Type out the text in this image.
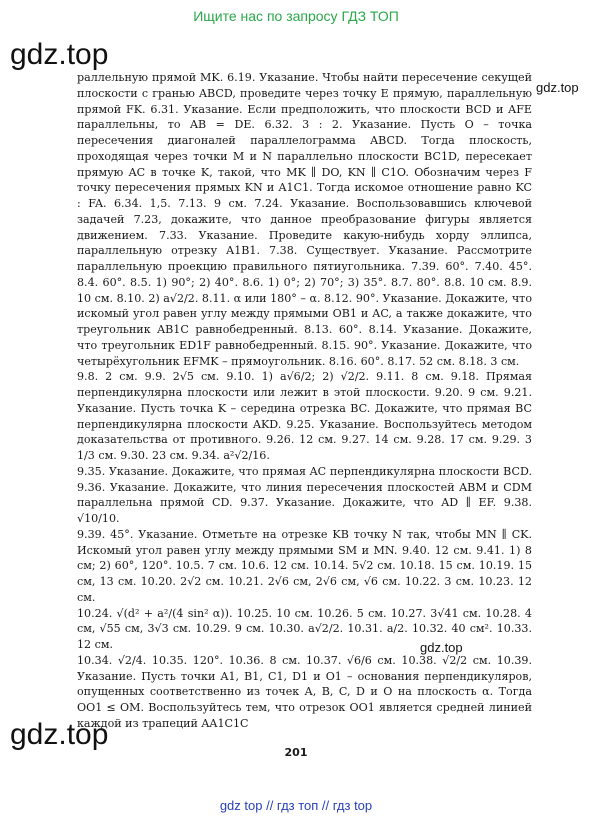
Ищите нас по запросу ГДЗ ТОП
gdz.top
gdz.top
gdz.top
gdz.top

раллельную прямой MK. 6.19. Указание. Чтобы найти пересечение секущей плоскости с гранью ABCD, проведите через точку E прямую, параллельную прямой FK. 6.31. Указание. Если предположить, что плоскости BCD и AFE параллельны, то AB = DE. 6.32. 3 : 2. Указание. Пусть O – точка пересечения диагоналей параллелограмма ABCD. Тогда плоскость, проходящая через точки M и N параллельно плоскости BC1D, пересекает прямую AC в точке K, такой, что MK ∥ DO, KN ∥ C1O. Обозначим через F точку пересечения прямых KN и A1C1. Тогда искомое отношение равно KC : FA. 6.34. 1,5. 7.13. 9 см. 7.24. Указание. Воспользовавшись ключевой задачей 7.23, докажите, что данное преобразование фигуры является движением. 7.33. Указание. Проведите какую-нибудь хорду эллипса, параллельную отрезку A1B1. 7.38. Существует. Указание. Рассмотрите параллельную проекцию правильного пятиугольника. 7.39. 60°. 7.40. 45°. 8.4. 60°. 8.5. 1) 90°; 2) 40°. 8.6. 1) 0°; 2) 70°; 3) 35°. 8.7. 80°. 8.8. 10 см. 8.9. 10 см. 8.10. 2) a√2/2. 8.11. α или 180° – α. 8.12. 90°. Указание. Докажите, что искомый угол равен углу между прямыми OB1 и AC, а также докажите, что треугольник AB1C равнобедренный. 8.13. 60°. 8.14. Указание. Докажите, что треугольник ED1F равнобедренный. 8.15. 90°. Указание. Докажите, что четырёхугольник EFMK – прямоугольник. 8.16. 60°. 8.17. 52 см. 8.18. 3 см.

9.8. 2 см. 9.9. 2√5 см. 9.10. 1) a√6/2; 2) √2/2. 9.11. 8 см. 9.18. Прямая перпендикулярна плоскости или лежит в этой плоскости. 9.20. 9 см. 9.21. Указание. Пусть точка K – середина отрезка BC. Докажите, что прямая BC перпендикулярна плоскости AKD. 9.25. Указание. Воспользуйтесь методом доказательства от противного. 9.26. 12 см. 9.27. 14 см. 9.28. 17 см. 9.29. 3 1/3 см. 9.30. 23 см. 9.34. a²√2/16.

9.35. Указание. Докажите, что прямая AC перпендикулярна плоскости BCD. 9.36. Указание. Докажите, что линия пересечения плоскостей ABM и CDM параллельна прямой CD. 9.37. Указание. Докажите, что AD ∥ EF. 9.38. √10/10.

9.39. 45°. Указание. Отметьте на отрезке KB точку N так, чтобы MN ∥ CK. Искомый угол равен углу между прямыми SM и MN. 9.40. 12 см. 9.41. 1) 8 см; 2) 60°, 120°. 10.5. 7 см. 10.6. 12 см. 10.14. 5√2 см. 10.18. 15 см. 10.19. 15 см, 13 см. 10.20. 2√2 см. 10.21. 2√6 см, 2√6 см, √6 см. 10.22. 3 см. 10.23. 12 см.

10.24. √(d² + a²/(4 sin² α)). 10.25. 10 см. 10.26. 5 см. 10.27. 3√41 см. 10.28. 4 см, √55 см, 3√3 см. 10.29. 9 см. 10.30. a√2/2. 10.31. a/2. 10.32. 40 см². 10.33. 12 см.

10.34. √2/4. 10.35. 120°. 10.36. 8 см. 10.37. √6/6 см. 10.38. √2/2 см. 10.39. Указание. Пусть точки A1, B1, C1, D1 и O1 – основания перпендикуляров, опущенных соответственно из точек A, B, C, D и O на плоскость α. Тогда OO1 ≤ OM. Воспользуйтесь тем, что отрезок OO1 является средней линией каждой из трапеций AA1C1C

201
gdz top // гдз топ // гдз top
